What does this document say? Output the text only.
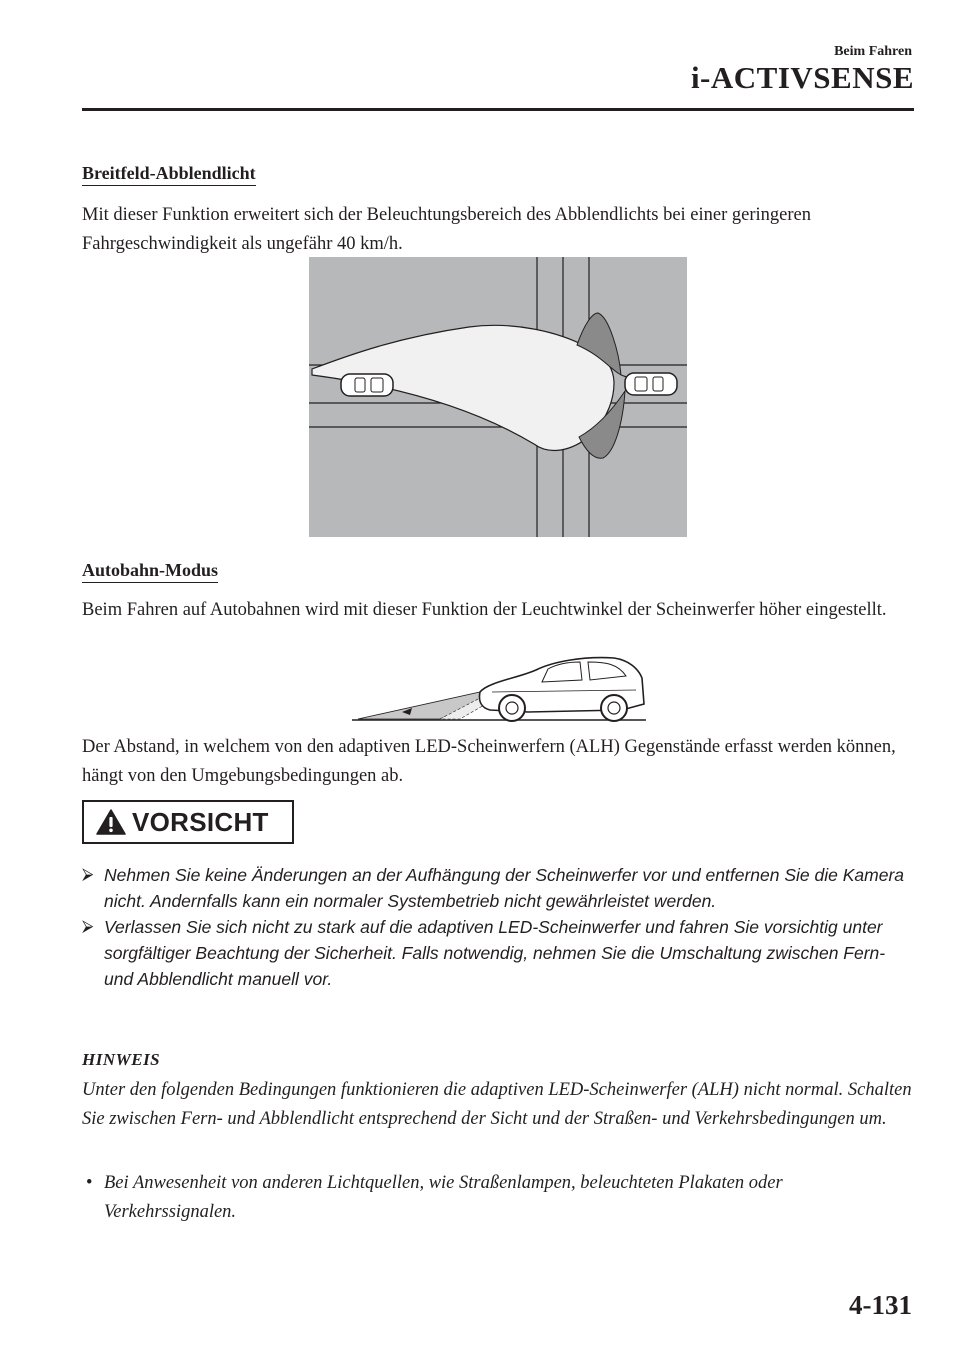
Beim Fahren
i-ACTIVSENSE
Breitfeld-Abblendlicht
Mit dieser Funktion erweitert sich der Beleuchtungsbereich des Abblendlichts bei einer geringeren Fahrgeschwindigkeit als ungefähr 40 km/h.
Autobahn-Modus
Beim Fahren auf Autobahnen wird mit dieser Funktion der Leuchtwinkel der Scheinwerfer höher eingestellt.
Der Abstand, in welchem von den adaptiven LED-Scheinwerfern (ALH) Gegenstände erfasst werden können, hängt von den Umgebungsbedingungen ab.
VORSICHT
⮚ Nehmen Sie keine Änderungen an der Aufhängung der Scheinwerfer vor und entfernen Sie die Kamera nicht. Andernfalls kann ein normaler Systembetrieb nicht gewährleistet werden.
⮚ Verlassen Sie sich nicht zu stark auf die adaptiven LED-Scheinwerfer und fahren Sie vorsichtig unter sorgfältiger Beachtung der Sicherheit. Falls notwendig, nehmen Sie die Umschaltung zwischen Fern- und Abblendlicht manuell vor.
HINWEIS
Unter den folgenden Bedingungen funktionieren die adaptiven LED-Scheinwerfer (ALH) nicht normal. Schalten Sie zwischen Fern- und Abblendlicht entsprechend der Sicht und der Straßen- und Verkehrsbedingungen um.
• Bei Anwesenheit von anderen Lichtquellen, wie Straßenlampen, beleuchteten Plakaten oder Verkehrssignalen.
4-131
